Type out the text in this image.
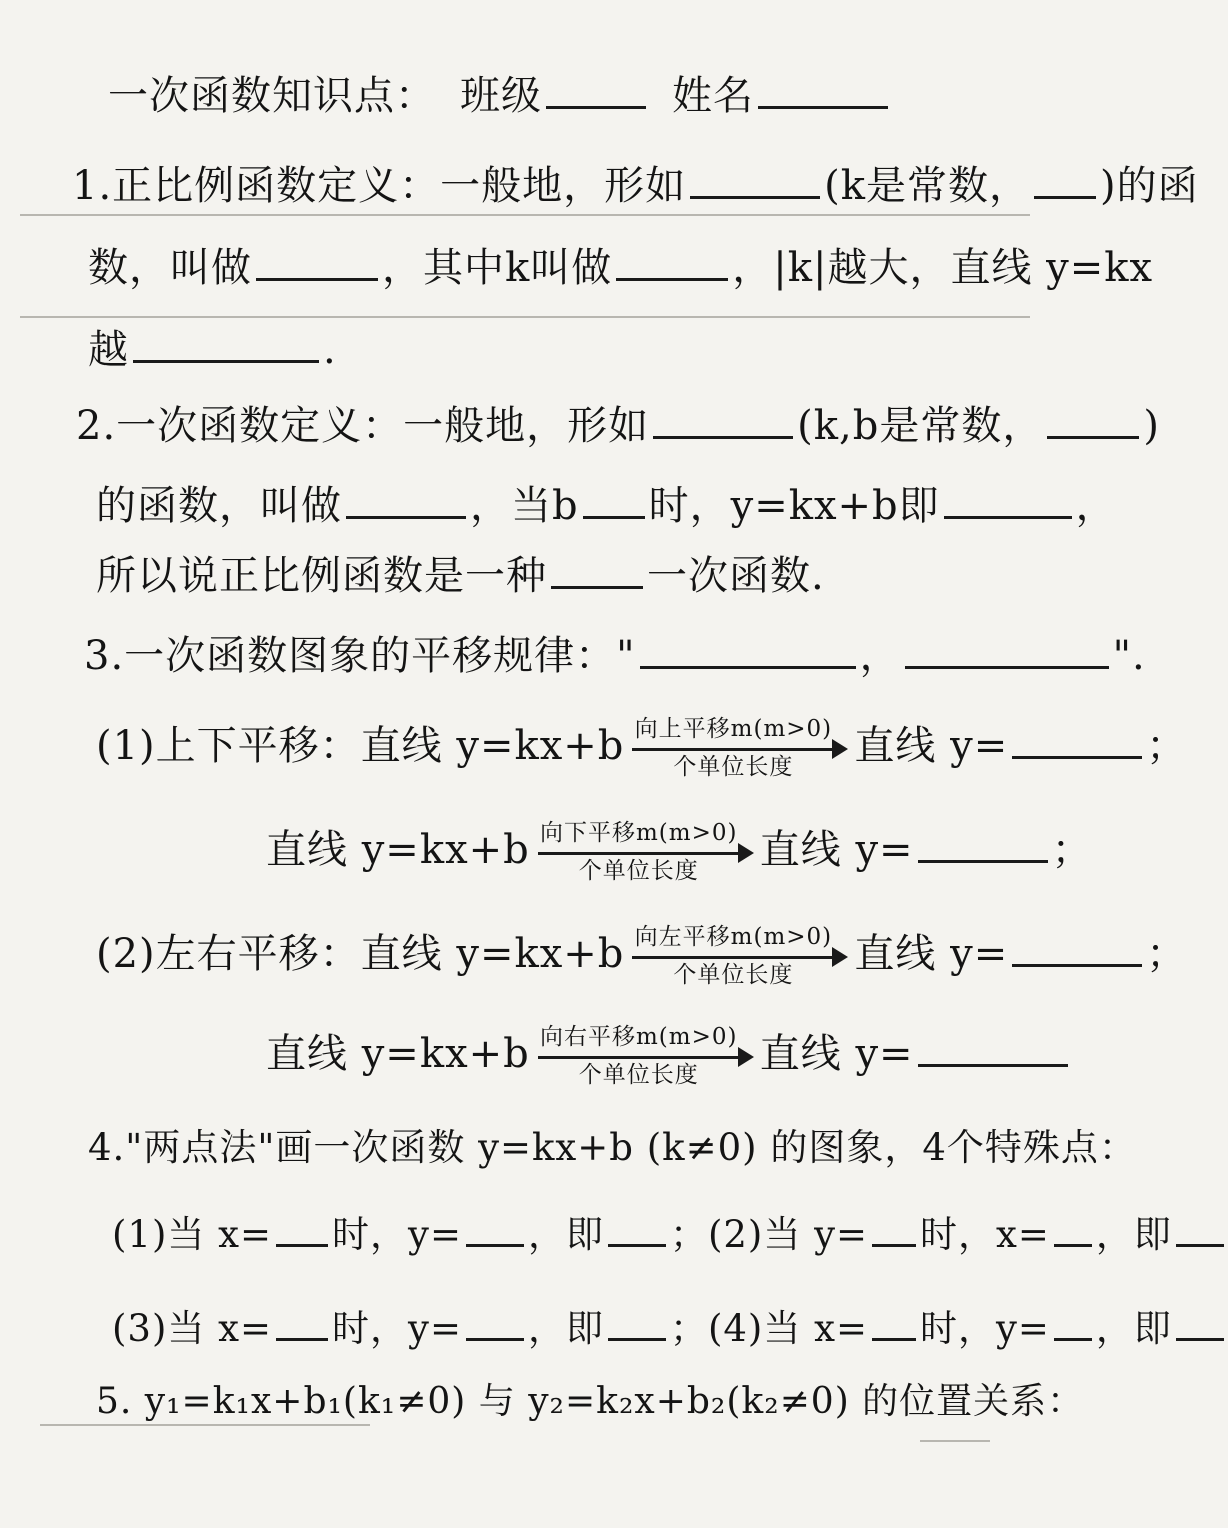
一次函数知识点： 班级	姓名
1.正比例函数定义：一般地，形如	(k是常数， )的函
数，叫做	，其中k叫做	，|k|越大，直线 y=kx
越	.
2.一次函数定义：一般地，形如	(k,b是常数，	)
的函数，叫做	，当b 时，y=kx+b即	，
所以说正比例函数是一种	一次函数.
3.一次函数图象的平移规律："	，	".
(1)上下平移：直线 y=kx+b 向上平移m(m>0)
个单位长度	直线 y=	；
直线 y=kx+b 向下平移m(m>0)
个单位长度	直线 y=	；
(2)左右平移：直线 y=kx+b 向左平移m(m>0)
个单位长度	直线 y=	；
直线 y=kx+b 向右平移m(m>0)
个单位长度	直线 y=
4."两点法"画一次函数 y=kx+b (k≠0) 的图象，4个特殊点：
(1)当 x= 时，y= ，即 ；(2)当 y= 时，x= ，即
(3)当 x= 时，y= ，即 ；(4)当 x= 时，y= ，即
5. y₁=k₁x+b₁(k₁≠0) 与 y₂=k₂x+b₂(k₂≠0) 的位置关系：
